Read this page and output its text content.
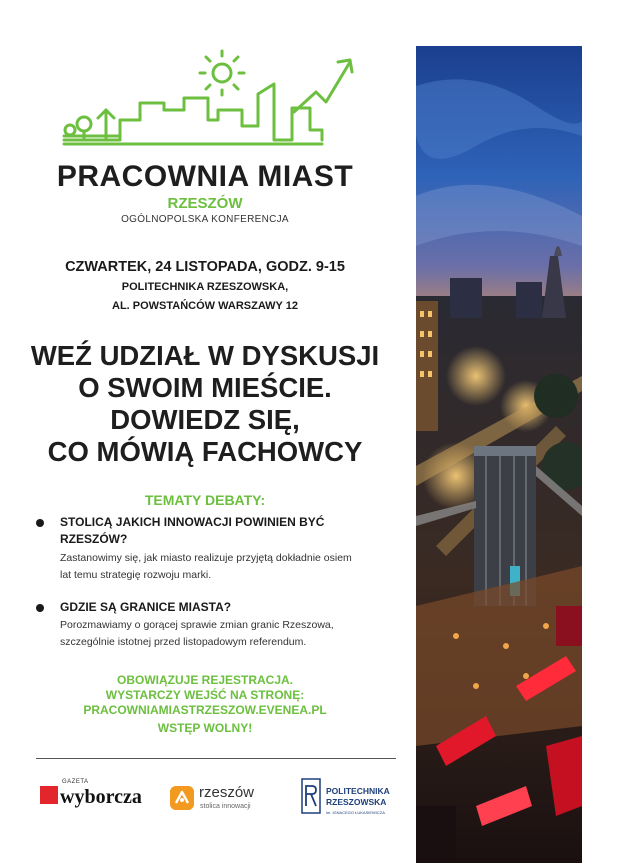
PRACOWNIA MIAST
RZESZÓW
OGÓLNOPOLSKA KONFERENCJA
CZWARTEK, 24 LISTOPADA, GODZ. 9-15
POLITECHNIKA RZESZOWSKA,
AL. POWSTAŃCÓW WARSZAWY 12
WEŹ UDZIAŁ W DYSKUSJI
O SWOIM MIEŚCIE.
DOWIEDZ SIĘ,
CO MÓWIĄ FACHOWCY
TEMATY DEBATY:
STOLICĄ JAKICH INNOWACJI POWINIEN BYĆ
RZESZÓW?
Zastanowimy się, jak miasto realizuje przyjętą dokładnie osiem
lat temu strategię rozwoju marki.
GDZIE SĄ GRANICE MIASTA?
Porozmawiamy o gorącej sprawie zmian granic Rzeszowa,
szczególnie istotnej przed listopadowym referendum.
OBOWIĄZUJE REJESTRACJA.
WYSTARCZY WEJŚĆ NA STRONĘ:
PRACOWNIAMIASTRZESZOW.EVENEA.PL
WSTĘP WOLNY!
GAZETA
wyborcza	rzeszów
stolica innowacji
POLITECHNIKA
RZESZOWSKA
im. IGNACEGO ŁUKASIEWICZA
